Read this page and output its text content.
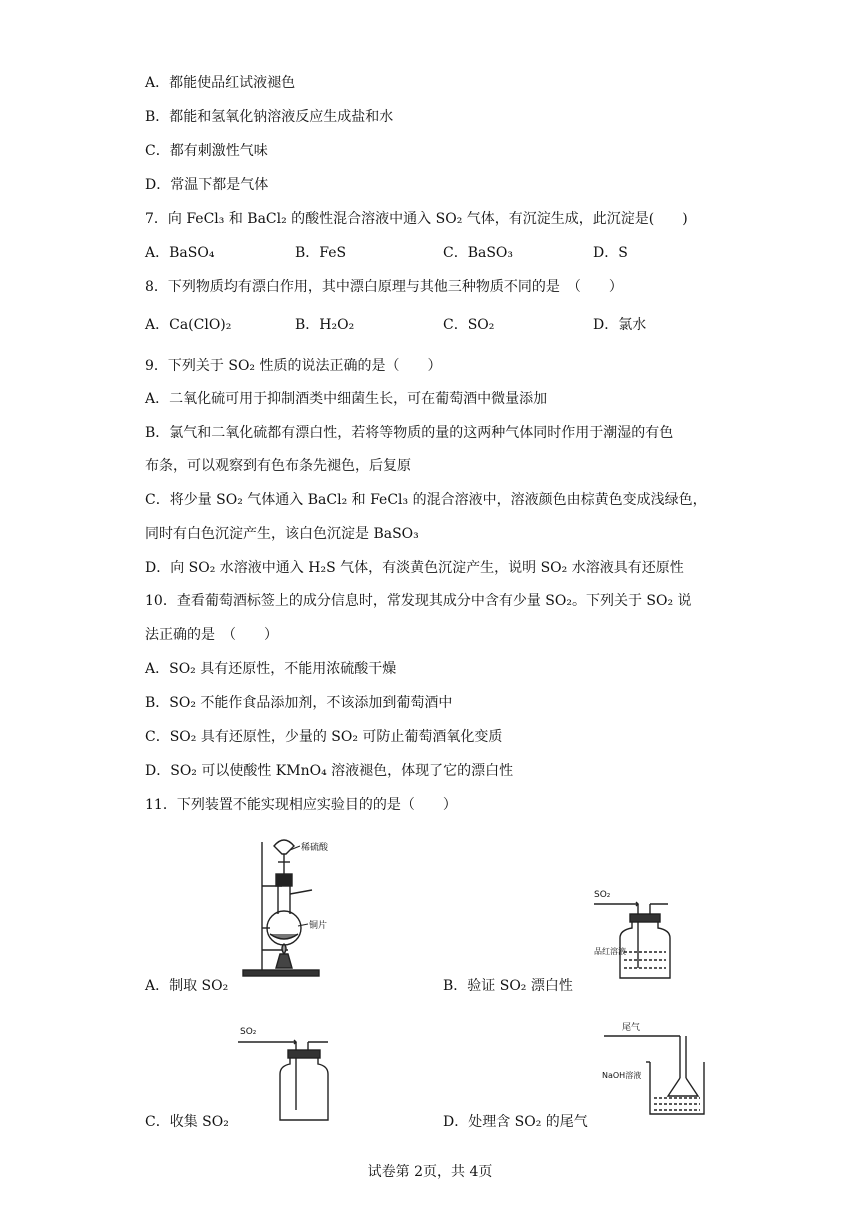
A．都能使品红试液褪色
B．都能和氢氧化钠溶液反应生成盐和水
C．都有刺激性气味
D．常温下都是气体
7．向 FeCl₃ 和 BaCl₂ 的酸性混合溶液中通入 SO₂ 气体，有沉淀生成，此沉淀是(　　)
A．BaSO₄	B．FeS	C．BaSO₃	D．S
8．下列物质均有漂白作用，其中漂白原理与其他三种物质不同的是　（　　）
A．Ca(ClO)₂	B．H₂O₂	C．SO₂	D．氯水
9．下列关于 SO₂ 性质的说法正确的是（　　）
A．二氧化硫可用于抑制酒类中细菌生长，可在葡萄酒中微量添加
B．氯气和二氧化硫都有漂白性，若将等物质的量的这两种气体同时作用于潮湿的有色
布条，可以观察到有色布条先褪色，后复原
C．将少量 SO₂ 气体通入 BaCl₂ 和 FeCl₃ 的混合溶液中，溶液颜色由棕黄色变成浅绿色，
同时有白色沉淀产生，该白色沉淀是 BaSO₃
D．向 SO₂ 水溶液中通入 H₂S 气体，有淡黄色沉淀产生，说明 SO₂ 水溶液具有还原性
10．查看葡萄酒标签上的成分信息时，常发现其成分中含有少量 SO₂。下列关于 SO₂ 说
法正确的是　（　　）
A．SO₂ 具有还原性，不能用浓硫酸干燥
B．SO₂ 不能作食品添加剂，不该添加到葡萄酒中
C．SO₂ 具有还原性，少量的 SO₂ 可防止葡萄酒氧化变质
D．SO₂ 可以使酸性 KMnO₄ 溶液褪色，体现了它的漂白性
11．下列装置不能实现相应实验目的的是（　　）
稀硫酸
铜片
A．制取 SO₂
SO₂
品红溶液
B．验证 SO₂ 漂白性
SO₂
C．收集 SO₂
尾气
NaOH溶液
D．处理含 SO₂ 的尾气
试卷第 2页，共 4页
